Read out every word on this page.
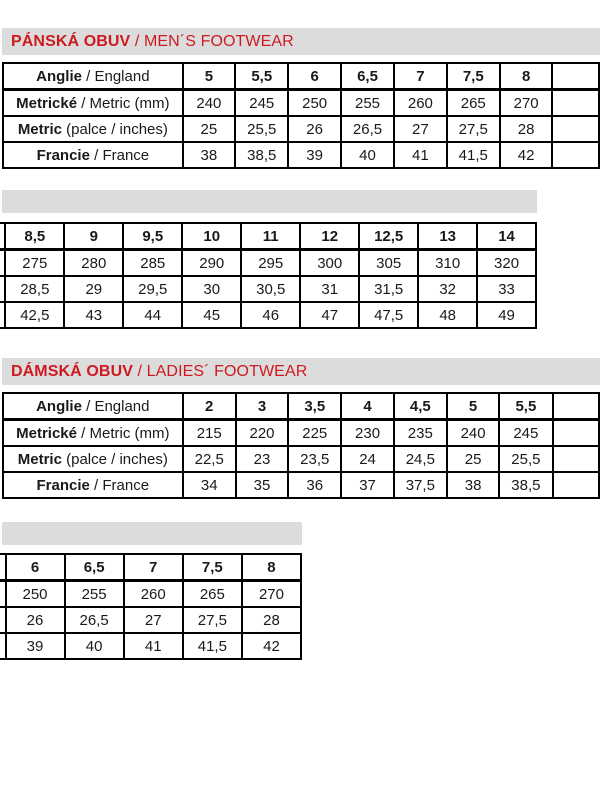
PÁNSKÁ OBUV / MEN´S FOOTWEAR
Anglie / England	5	5,5	6	6,5	7	7,5	8	
Metrické / Metric (mm)	240	245	250	255	260	265	270	
Metric (palce / inches)	25	25,5	26	26,5	27	27,5	28	
Francie / France	38	38,5	39	40	41	41,5	42	
	8,5	9	9,5	10	11	12	12,5	13	14
	275	280	285	290	295	300	305	310	320
	28,5	29	29,5	30	30,5	31	31,5	32	33
	42,5	43	44	45	46	47	47,5	48	49
DÁMSKÁ OBUV / LADIES´ FOOTWEAR
Anglie / England	2	3	3,5	4	4,5	5	5,5	
Metrické / Metric (mm)	215	220	225	230	235	240	245	
Metric (palce / inches)	22,5	23	23,5	24	24,5	25	25,5	
Francie / France	34	35	36	37	37,5	38	38,5	
	6	6,5	7	7,5	8
	250	255	260	265	270
	26	26,5	27	27,5	28
	39	40	41	41,5	42
